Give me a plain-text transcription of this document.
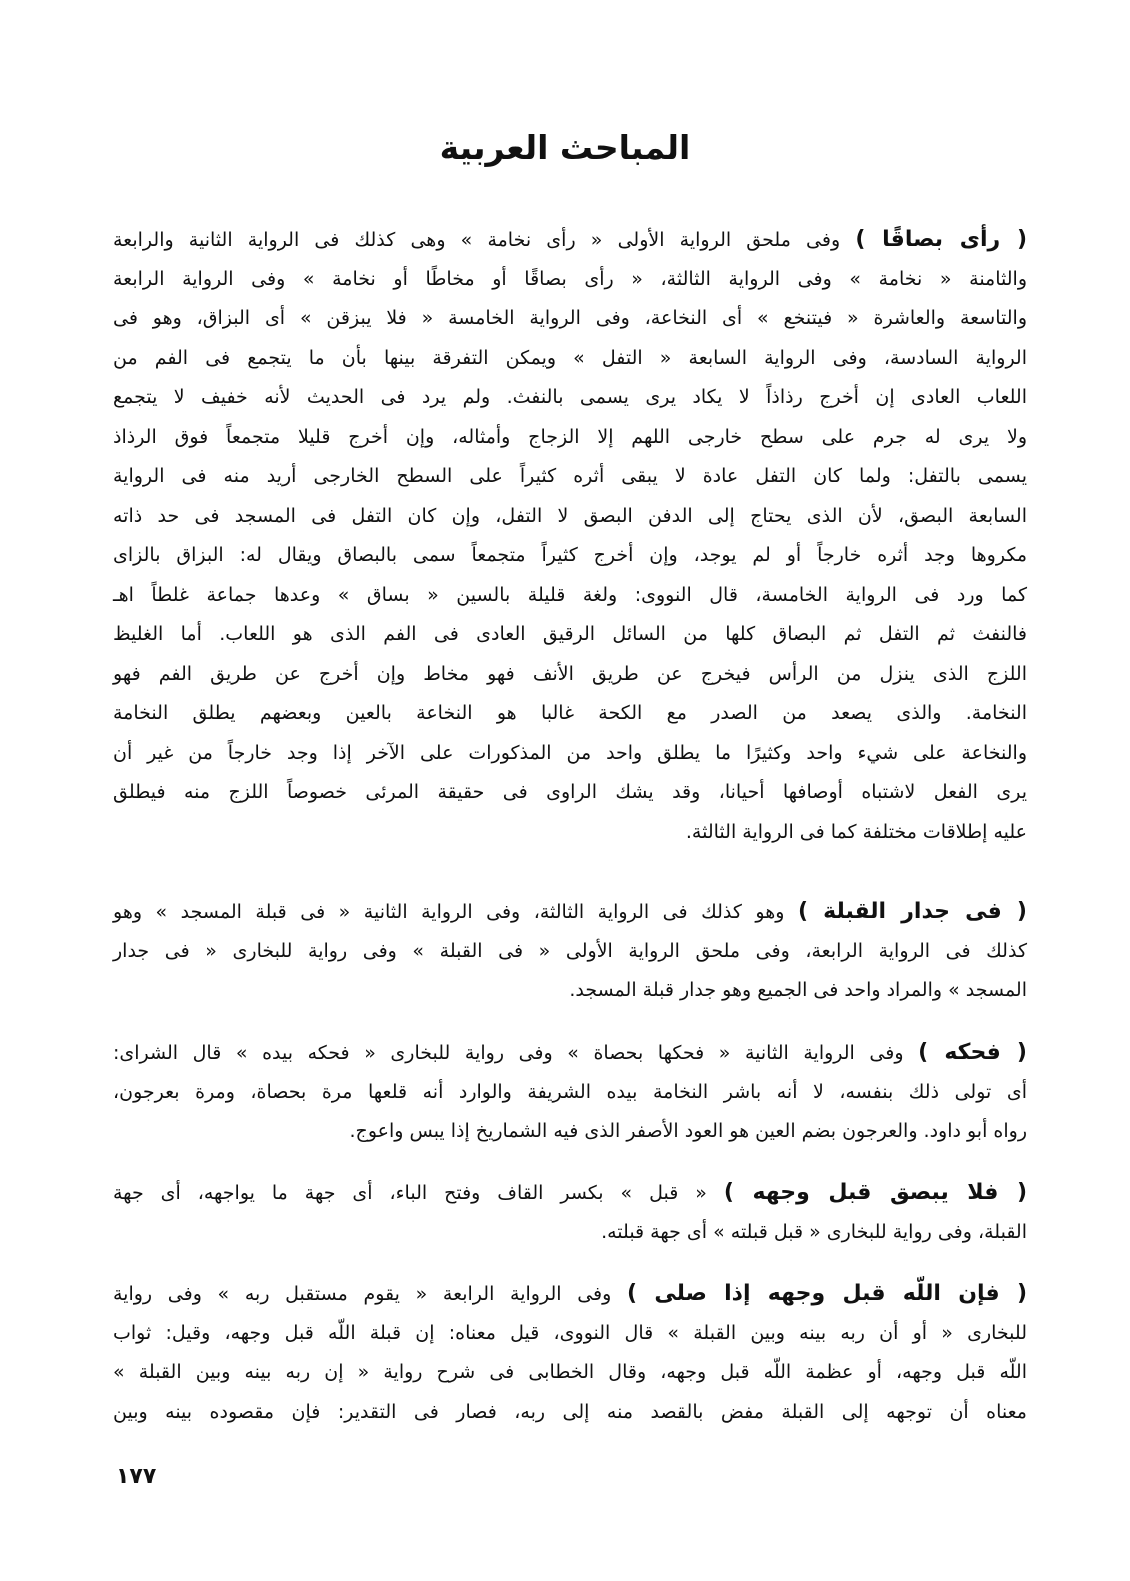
المباحث العربية
( رأى بصاقًا ) وفى ملحق الرواية الأولى « رأى نخامة » وهى كذلك فى الرواية الثانية والرابعة
والثامنة « نخامة » وفى الرواية الثالثة، « رأى بصاقًا أو مخاطًا أو نخامة » وفى الرواية الرابعة
والتاسعة والعاشرة « فيتنخع » أى النخاعة، وفى الرواية الخامسة « فلا يبزقن » أى البزاق، وهو فى
الرواية السادسة، وفى الرواية السابعة « التفل » ويمكن التفرقة بينها بأن ما يتجمع فى الفم من
اللعاب العادى إن أخرج رذاذاً لا يكاد يرى يسمى بالنفث. ولم يرد فى الحديث لأنه خفيف لا يتجمع
ولا يرى له جرم على سطح خارجى اللهم إلا الزجاج وأمثاله، وإن أخرج قليلا متجمعاً فوق الرذاذ
يسمى بالتفل: ولما كان التفل عادة لا يبقى أثره كثيراً على السطح الخارجى أريد منه فى الرواية
السابعة البصق، لأن الذى يحتاج إلى الدفن البصق لا التفل، وإن كان التفل فى المسجد فى حد ذاته
مكروها وجد أثره خارجاً أو لم يوجد، وإن أخرج كثيراً متجمعاً سمى بالبصاق ويقال له: البزاق بالزاى
كما ورد فى الرواية الخامسة، قال النووى: ولغة قليلة بالسين « بساق » وعدها جماعة غلطاً اهـ
فالنفث ثم التفل ثم البصاق كلها من السائل الرقيق العادى فى الفم الذى هو اللعاب. أما الغليظ
اللزج الذى ينزل من الرأس فيخرج عن طريق الأنف فهو مخاط وإن أخرج عن طريق الفم فهو
النخامة. والذى يصعد من الصدر مع الكحة غالبا هو النخاعة بالعين وبعضهم يطلق النخامة
والنخاعة على شيء واحد وكثيرًا ما يطلق واحد من المذكورات على الآخر إذا وجد خارجاً من غير أن
يرى الفعل لاشتباه أوصافها أحيانا، وقد يشك الراوى فى حقيقة المرئى خصوصاً اللزج منه فيطلق
عليه إطلاقات مختلفة كما فى الرواية الثالثة.
( فى جدار القبلة ) وهو كذلك فى الرواية الثالثة، وفى الرواية الثانية « فى قبلة المسجد » وهو
كذلك فى الرواية الرابعة، وفى ملحق الرواية الأولى « فى القبلة » وفى رواية للبخارى « فى جدار
المسجد » والمراد واحد فى الجميع وهو جدار قبلة المسجد.
( فحكه ) وفى الرواية الثانية « فحكها بحصاة » وفى رواية للبخارى « فحكه بيده » قال الشراى:
أى تولى ذلك بنفسه، لا أنه باشر النخامة بيده الشريفة والوارد أنه قلعها مرة بحصاة، ومرة بعرجون،
رواه أبو داود. والعرجون بضم العين هو العود الأصفر الذى فيه الشماريخ إذا يبس واعوج.
( فلا يبصق قبل وجهه ) « قبل » بكسر القاف وفتح الباء، أى جهة ما يواجهه، أى جهة
القبلة، وفى رواية للبخارى « قبل قبلته » أى جهة قبلته.
( فإن اللّه قبل وجهه إذا صلى ) وفى الرواية الرابعة « يقوم مستقبل ربه » وفى رواية
للبخارى « أو أن ربه بينه وبين القبلة » قال النووى، قيل معناه: إن قبلة اللّه قبل وجهه، وقيل: ثواب
اللّه قبل وجهه، أو عظمة اللّه قبل وجهه، وقال الخطابى فى شرح رواية « إن ربه بينه وبين القبلة »
معناه أن توجهه إلى القبلة مفض بالقصد منه إلى ربه، فصار فى التقدير: فإن مقصوده بينه وبين
١٧٧
